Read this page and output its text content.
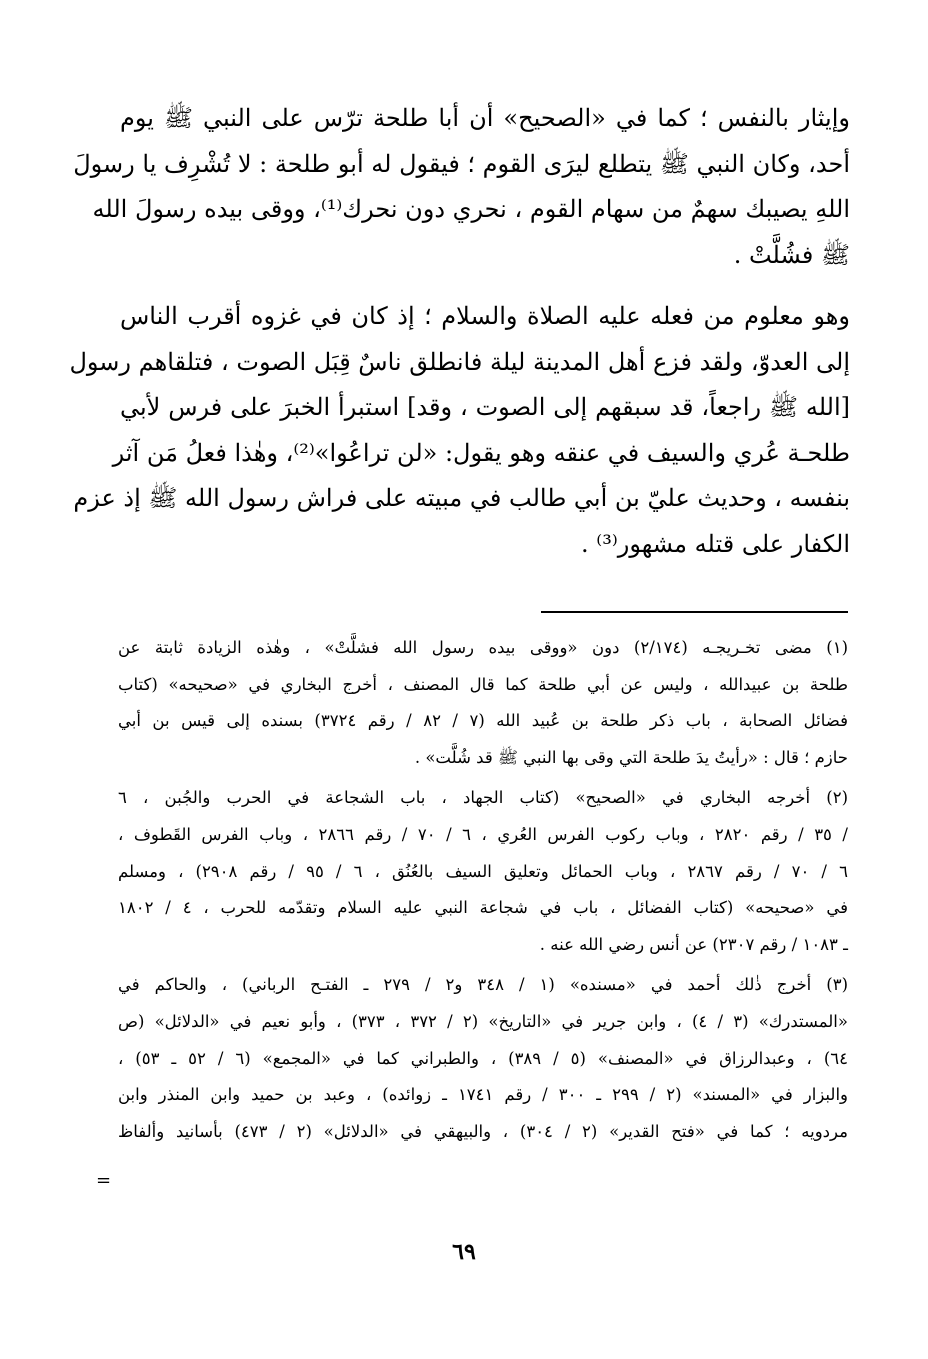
وإيثار بالنفس ؛ كما في «الصحيح» أن أبا طلحة ترّس على النبي ﷺ يوم
أحد، وكان النبي ﷺ يتطلع ليرَى القوم ؛ فيقول له أبو طلحة : لا تُشْرِف يا رسولَ
اللهِ يصيبك سهمٌ من سهام القوم ، نحري دون نحرك⁽¹⁾، ووقى بيده رسولَ الله
ﷺ فشُلَّتْ .
وهو معلوم من فعله عليه الصلاة والسلام ؛ إذ كان في غزوه أقرب الناس
إلى العدوّ، ولقد فزع أهل المدينة ليلة فانطلق ناسٌ قِبَل الصوت ، فتلقاهم رسول
[الله ﷺ راجعاً، قد سبقهم إلى الصوت ، وقد] استبرأ الخبرَ على فرس لأبي
طلحـة عُري والسيف في عنقه وهو يقول: «لن تراعُوا»⁽²⁾، وهٰذا فعلُ مَن آثر
بنفسه ، وحديث عليّ بن أبي طالب في مبيته على فراش رسول الله ﷺ إذ عزم
الكفار على قتله مشهور⁽³⁾ .
(١) مضى تخـريجـه (٢/١٧٤) دون «ووقى بيده رسول الله فشلَّتْ» ، وهٰذه الزيادة ثابتة عن
طلحة بن عبيدالله ، وليس عن أبي طلحة كما قال المصنف ، أخرج البخاري في «صحيحه» (كتاب
فضائل الصحابة ، باب ذكر طلحة بن عُبيد الله (٧ / ٨٢ / رقم ٣٧٢٤) بسنده إلى قيس بن أبي
حازم ؛ قال : «رأيتُ يدَ طلحة التي وقى بها النبي ﷺ قد شُلَّت» .
(٢) أخرجه البخاري في «الصحيح» (كتاب الجهاد ، باب الشجاعة في الحرب والجُبن ، ٦
/ ٣٥ / رقم ٢٨٢٠ ، وباب ركوب الفرس العُري ، ٦ / ٧٠ / رقم ٢٨٦٦ ، وباب الفرس القَطوف ،
٦ / ٧٠ / رقم ٢٨٦٧ ، وباب الحمائل وتعليق السيف بالعُنُق ، ٦ / ٩٥ / رقم ٢٩٠٨) ، ومسلم
في «صحيحه» (كتاب الفضائل ، باب في شجاعة النبي عليه السلام وتقدّمه للحرب ، ٤ / ١٨٠٢
ـ ١٠٨٣ / رقم ٢٣٠٧) عن أنس رضي الله عنه .
(٣) أخرج ذٰلك أحمد في «مسنده» (١ / ٣٤٨ و٢ / ٢٧٩ ـ الفتـح الرباني) ، والحاكم في
«المستدرك» (٣ / ٤) ، وابن جرير في «التاريخ» (٢ / ٣٧٢ ، ٣٧٣) ، وأبو نعيم في «الدلائل» (ص
٦٤) ، وعبدالرزاق في «المصنف» (٥ / ٣٨٩) ، والطبراني كما في «المجمع» (٦ / ٥٢ ـ ٥٣) ،
والبزار في «المسند» (٢ / ٢٩٩ ـ ٣٠٠ / رقم ١٧٤١ ـ زوائده) ، وعبد بن حميد وابن المنذر وابن
مردويه ؛ كما في «فتح القدير» (٢ / ٣٠٤) ، والبيهقي في «الدلائل» (٢ / ٤٧٣) بأسانيد وألفاظ
=
٦٩
